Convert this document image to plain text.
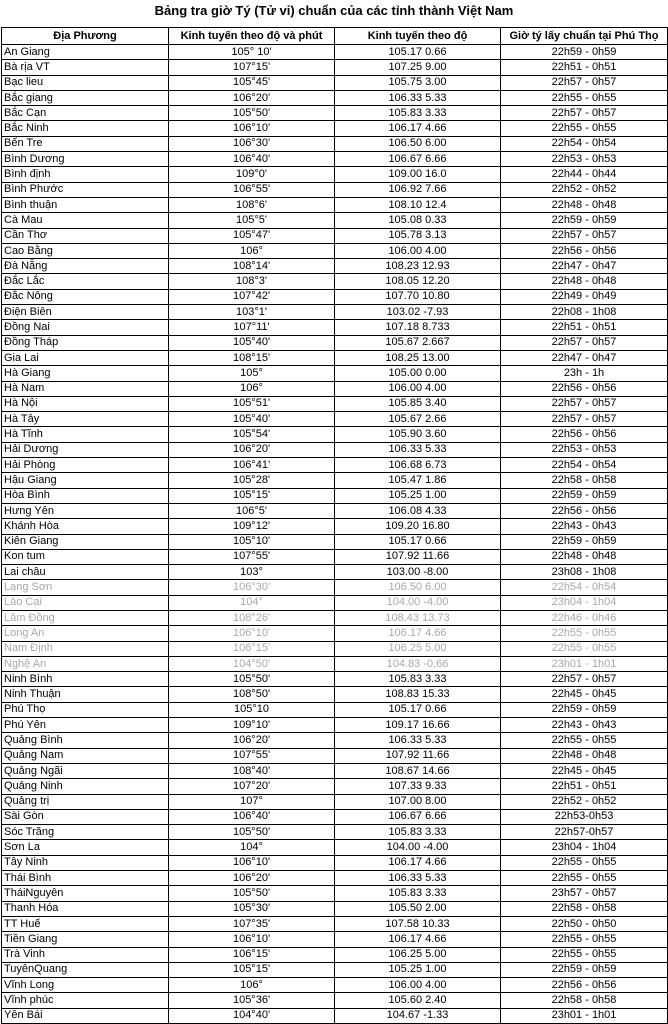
Bảng tra giờ Tý (Tử vi) chuẩn của các tỉnh thành Việt Nam
Địa Phương	Kinh tuyến theo độ và phút	Kinh tuyến theo độ	Giờ tý lấy chuẩn tại Phú Thọ
An Giang	105° 10'	105.17 0.66	22h59 - 0h59
Bà rịa VT	107°15'	107.25 9.00	22h51 - 0h51
Bạc lieu	105°45'	105.75 3.00	22h57 - 0h57
Bắc giang	106°20'	106.33 5.33	22h55 - 0h55
Bắc Cạn	105°50'	105.83 3.33	22h57 - 0h57
Bắc Ninh	106°10'	106.17 4.66	22h55 - 0h55
Bến Tre	106°30'	106.50 6.00	22h54 - 0h54
Bình Dương	106°40'	106.67 6.66	22h53 - 0h53
Bình định	109°0'	109.00 16.0	22h44 - 0h44
Bình Phước	106°55'	106.92 7.66	22h52 - 0h52
Bình thuận	108°6'	108.10 12.4	22h48 - 0h48
Cà Mau	105°5'	105.08 0.33	22h59 - 0h59
Cần Thơ	105°47'	105.78 3.13	22h57 - 0h57
Cao Bằng	106°	106.00 4.00	22h56 - 0h56
Đà Nẵng	108°14'	108.23 12.93	22h47 - 0h47
Đắc Lắc	108°3'	108.05 12.20	22h48 - 0h48
Đắc Nông	107°42'	107.70 10.80	22h49 - 0h49
Điện Biên	103°1'	103.02 -7.93	22h08 - 1h08
Đồng Nai	107°11'	107.18 8.733	22h51 - 0h51
Đồng Tháp	105°40'	105.67 2.667	22h57 - 0h57
Gia Lai	108°15'	108.25 13.00	22h47 - 0h47
Hà Giang	105°	105.00 0.00	23h - 1h
Hà Nam	106°	106.00 4.00	22h56 - 0h56
Hà Nội	105°51'	105.85 3.40	22h57 - 0h57
Hà Tây	105°40'	105.67 2.66	22h57 - 0h57
Hà Tĩnh	105°54'	105.90 3.60	22h56 - 0h56
Hải Dương	106°20'	106.33 5.33	22h53 - 0h53
Hải Phòng	106°41'	106.68 6.73	22h54 - 0h54
Hậu Giang	105°28'	105.47 1.86	22h58 - 0h58
Hòa Bình	105°15'	105.25 1.00	22h59 - 0h59
Hưng Yên	106°5'	106.08 4.33	22h56 - 0h56
Khánh Hòa	109°12'	109.20 16.80	22h43 - 0h43
Kiên Giang	105°10'	105.17 0.66	22h59 - 0h59
Kon tum	107°55'	107.92 11.66	22h48 - 0h48
Lai châu	103°	103.00 -8.00	23h08 - 1h08
Lạng Sơn	106°30'	106.50 6.00	22h54 - 0h54
Lào Cai	104°	104.00 -4.00	23h04 - 1h04
Lâm Đồng	108°26'	108.43 13.73	22h46 - 0h46
Long An	106°10'	106.17 4.66	22h55 - 0h55
Nam Định	106°15'	106.25 5.00	22h55 - 0h55
Nghệ An	104°50'	104.83 -0.66	23h01 - 1h01
Ninh Bình	105°50'	105.83 3.33	22h57 - 0h57
Ninh Thuận	108°50'	108.83 15.33	22h45 - 0h45
Phú Thọ	105°10	105.17 0.66	22h59 - 0h59
Phú Yên	109°10'	109.17 16.66	22h43 - 0h43
Quảng Bình	106°20'	106.33 5.33	22h55 - 0h55
Quảng Nam	107°55'	107.92 11.66	22h48 - 0h48
Quảng Ngãi	108°40'	108.67 14.66	22h45 - 0h45
Quảng Ninh	107°20'	107.33 9.33	22h51 - 0h51
Quảng trị	107°	107.00 8.00	22h52 - 0h52
Sài Gòn	106°40'	106.67 6.66	22h53-0h53
Sóc Trăng	105°50'	105.83 3.33	22h57-0h57
Sơn La	104°	104.00 -4.00	23h04 - 1h04
Tây Ninh	106°10'	106.17 4.66	22h55 - 0h55
Thái Bình	106°20'	106.33 5.33	22h55 - 0h55
TháiNguyên	105°50'	105.83 3.33	23h57 - 0h57
Thanh Hóa	105°30'	105.50 2.00	22h58 - 0h58
TT Huế	107°35'	107.58 10.33	22h50 - 0h50
Tiền Giang	106°10'	106.17 4.66	22h55 - 0h55
Trà Vinh	106°15'	106.25 5.00	22h55 - 0h55
TuyênQuang	105°15'	105.25 1.00	22h59 - 0h59
Vĩnh Long	106°	106.00 4.00	22h56 - 0h56
Vĩnh phúc	105°36'	105.60 2.40	22h58 - 0h58
Yên Bái	104°40'	104.67 -1.33	23h01 - 1h01
